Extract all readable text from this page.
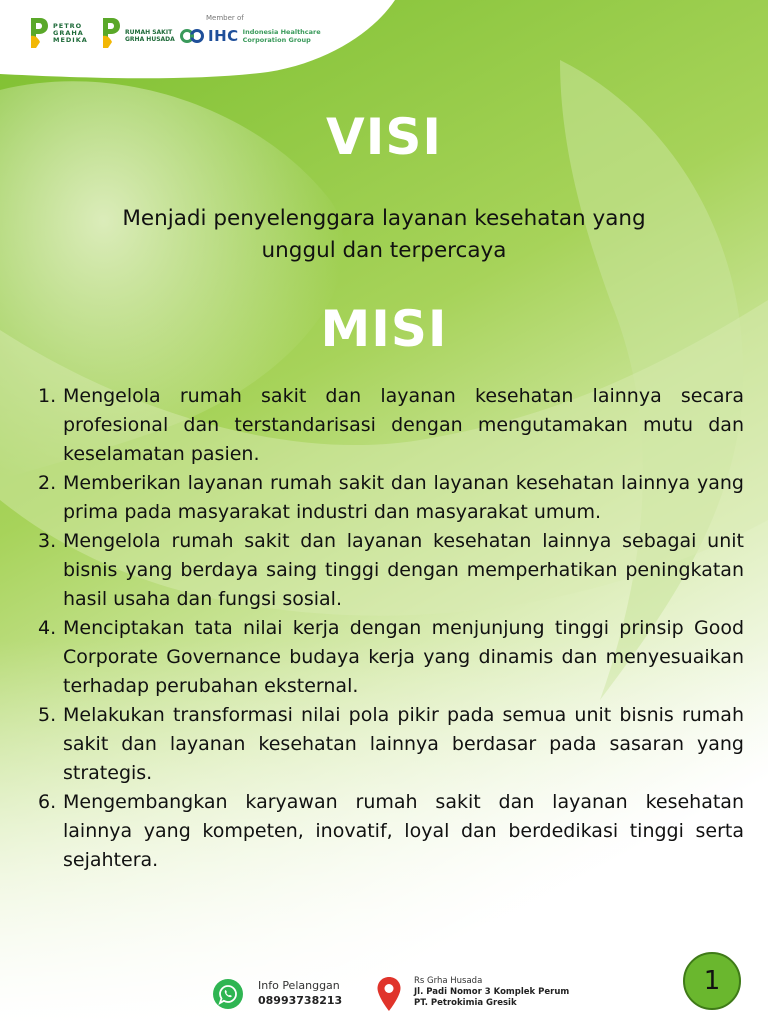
PETRO
GRAHA
MEDIKA
RUMAH SAKIT
GRHA HUSADA
Member of
IHC Indonesia Healthcare
Corporation Group
VISI
Menjadi penyelenggara layanan kesehatan yang
unggul dan terpercaya
MISI
1. Mengelola rumah sakit dan layanan kesehatan lainnya secara profesional dan terstandarisasi dengan mengutamakan mutu dan keselamatan pasien.
2. Memberikan layanan rumah sakit dan layanan kesehatan lainnya yang prima pada masyarakat industri dan masyarakat umum.
3. Mengelola rumah sakit dan layanan kesehatan lainnya sebagai unit bisnis yang berdaya saing tinggi dengan memperhatikan peningkatan hasil usaha dan fungsi sosial.
4. Menciptakan tata nilai kerja dengan menjunjung tinggi prinsip Good Corporate Governance budaya kerja yang dinamis dan menyesuaikan terhadap perubahan eksternal.
5. Melakukan transformasi nilai pola pikir pada semua unit bisnis rumah sakit dan layanan kesehatan lainnya berdasar pada sasaran yang strategis.
6. Mengembangkan karyawan rumah sakit dan layanan kesehatan lainnya yang kompeten, inovatif, loyal dan berdedikasi tinggi serta sejahtera.
Info Pelanggan
08993738213
Rs Grha Husada
Jl. Padi Nomor 3 Komplek Perum
PT. Petrokimia Gresik
1
